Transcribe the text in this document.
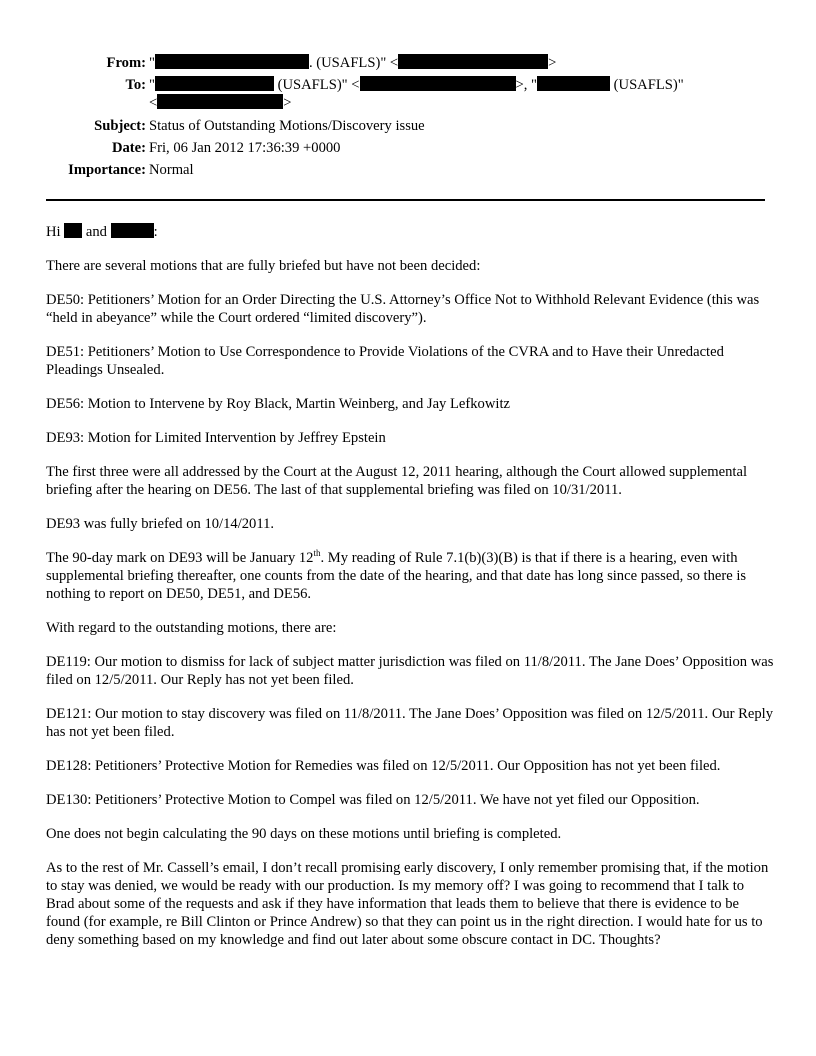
From: "	. (USAFLS)" <	>
To: "	(USAFLS)" <	>, "	(USAFLS)"
<	>
Subject: Status of Outstanding Motions/Discovery issue
Date: Fri, 06 Jan 2012 17:36:39 +0000
Importance: Normal

Hi and	:

There are several motions that are fully briefed but have not been decided:

DE50: Petitioners’ Motion for an Order Directing the U.S. Attorney’s Office Not to Withhold Relevant Evidence (this was “held in abeyance” while the Court ordered “limited discovery”).

DE51: Petitioners’ Motion to Use Correspondence to Provide Violations of the CVRA and to Have their Unredacted Pleadings Unsealed.

DE56: Motion to Intervene by Roy Black, Martin Weinberg, and Jay Lefkowitz

DE93: Motion for Limited Intervention by Jeffrey Epstein

The first three were all addressed by the Court at the August 12, 2011 hearing, although the Court allowed supplemental briefing after the hearing on DE56. The last of that supplemental briefing was filed on 10/31/2011.

DE93 was fully briefed on 10/14/2011.

The 90-day mark on DE93 will be January 12th. My reading of Rule 7.1(b)(3)(B) is that if there is a hearing, even with supplemental briefing thereafter, one counts from the date of the hearing, and that date has long since passed, so there is nothing to report on DE50, DE51, and DE56.

With regard to the outstanding motions, there are:

DE119: Our motion to dismiss for lack of subject matter jurisdiction was filed on 11/8/2011. The Jane Does’ Opposition was filed on 12/5/2011. Our Reply has not yet been filed.

DE121: Our motion to stay discovery was filed on 11/8/2011. The Jane Does’ Opposition was filed on 12/5/2011. Our Reply has not yet been filed.

DE128: Petitioners’ Protective Motion for Remedies was filed on 12/5/2011. Our Opposition has not yet been filed.

DE130: Petitioners’ Protective Motion to Compel was filed on 12/5/2011. We have not yet filed our Opposition.

One does not begin calculating the 90 days on these motions until briefing is completed.

As to the rest of Mr. Cassell’s email, I don’t recall promising early discovery, I only remember promising that, if the motion to stay was denied, we would be ready with our production. Is my memory off? I was going to recommend that I talk to Brad about some of the requests and ask if they have information that leads them to believe that there is evidence to be found (for example, re Bill Clinton or Prince Andrew) so that they can point us in the right direction. I would hate for us to deny something based on my knowledge and find out later about some obscure contact in DC. Thoughts?
